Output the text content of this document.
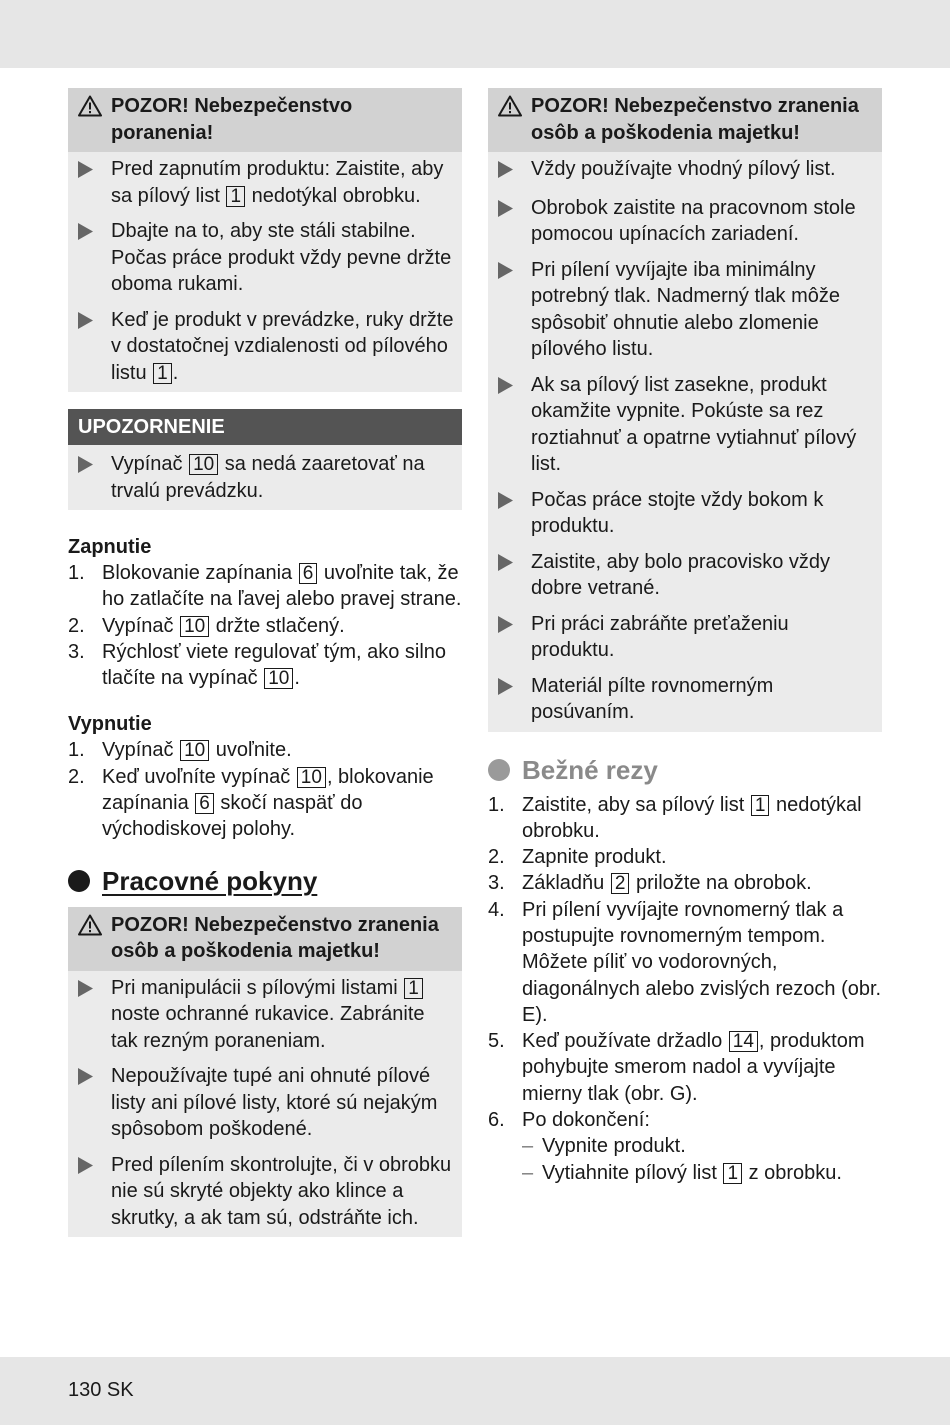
POZOR! Nebezpečenstvo poranenia!
Pred zapnutím produktu: Zaistite, aby sa pílový list 1 nedotýkal obrobku.
Dbajte na to, aby ste stáli stabilne. Počas práce produkt vždy pevne držte oboma rukami.
Keď je produkt v prevádzke, ruky držte v dostatočnej vzdialenosti od pílového listu 1 .
UPOZORNENIE
Vypínač 10 sa nedá zaaretovať na trvalú prevádzku.
Zapnutie
1. Blokovanie zapínania 6 uvoľnite tak, že ho zatlačíte na ľavej alebo pravej strane.
2. Vypínač 10 držte stlačený.
3. Rýchlosť viete regulovať tým, ako silno tlačíte na vypínač 10 .
Vypnutie
1. Vypínač 10 uvoľnite.
2. Keď uvoľníte vypínač 10 , blokovanie zapínania 6 skočí naspäť do východiskovej polohy.
Pracovné pokyny
POZOR! Nebezpečenstvo zranenia osôb a poškodenia majetku!
Pri manipulácii s pílovými listami 1 noste ochranné rukavice. Zabránite tak rezným poraneniam.
Nepoužívajte tupé ani ohnuté pílové listy ani pílové listy, ktoré sú nejakým spôsobom poškodené.
Pred pílením skontrolujte, či v obrobku nie sú skryté objekty ako klince a skrutky, a ak tam sú, odstráňte ich.
POZOR! Nebezpečenstvo zranenia osôb a poškodenia majetku!
Vždy používajte vhodný pílový list.
Obrobok zaistite na pracovnom stole pomocou upínacích zariadení.
Pri pílení vyvíjajte iba minimálny potrebný tlak. Nadmerný tlak môže spôsobiť ohnutie alebo zlomenie pílového listu.
Ak sa pílový list zasekne, produkt okamžite vypnite. Pokúste sa rez roztiahnuť a opatrne vytiahnuť pílový list.
Počas práce stojte vždy bokom k produktu.
Zaistite, aby bolo pracovisko vždy dobre vetrané.
Pri práci zabráňte preťaženiu produktu.
Materiál pílte rovnomerným posúvaním.
Bežné rezy
1. Zaistite, aby sa pílový list 1 nedotýkal obrobku.
2. Zapnite produkt.
3. Základňu 2 priložte na obrobok.
4. Pri pílení vyvíjajte rovnomerný tlak a postupujte rovnomerným tempom. Môžete píliť vo vodorovných, diagonálnych alebo zvislých rezoch (obr. E).
5. Keď používate držadlo 14 , produktom pohybujte smerom nadol a vyvíjajte mierny tlak (obr. G).
6. Po dokončení:
– Vypnite produkt.
– Vytiahnite pílový list 1 z obrobku.
130 SK
